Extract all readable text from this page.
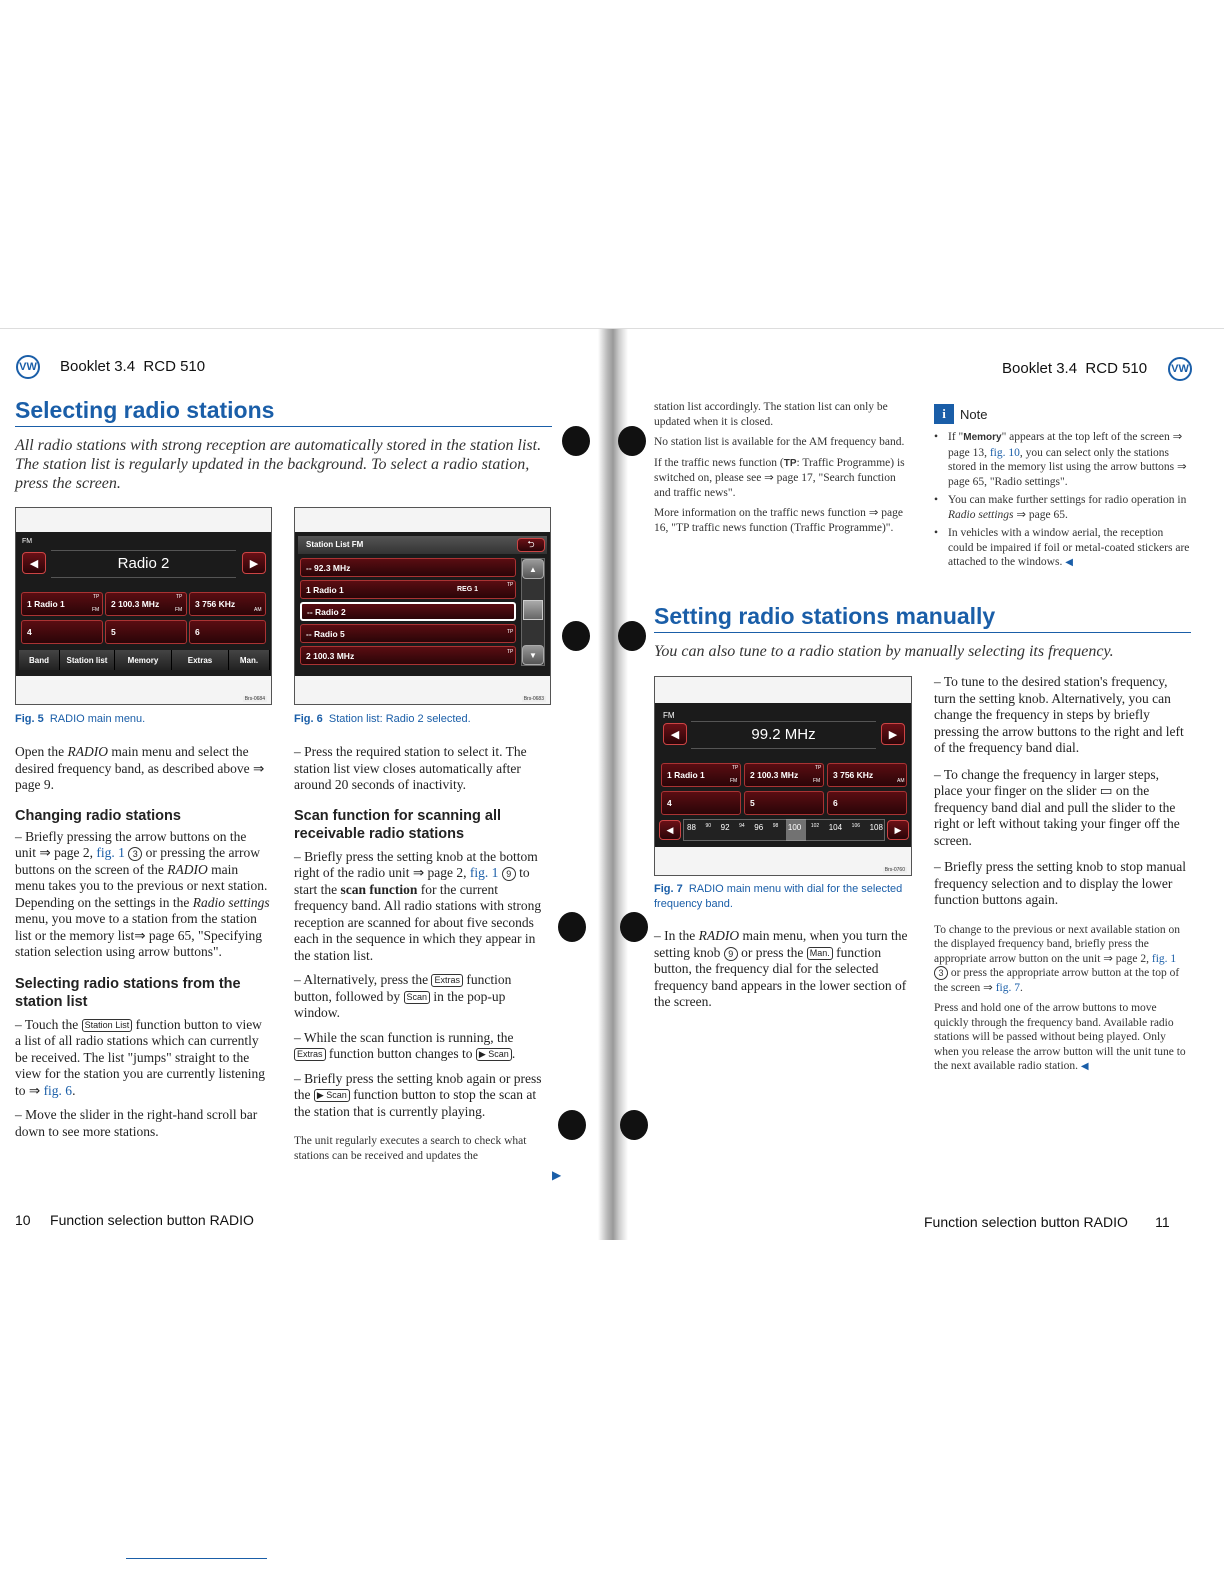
VW Booklet 3.4 RCD 510
Selecting radio stations
All radio stations with strong reception are automatically stored in the station list. The station list is regularly updated in the background. To select a radio station, press the screen.
FM
◀	Radio 2	▶
1 Radio 1	2 100.3 MHz	3 756 KHz
TP
FM
TP
FM	AM
4	5	6
Band	Station list	Memory	Extras	Man.
Brs-0684
Fig. 5 RADIO main menu.
Station List FM	⮌
-- 92.3 MHz
1 Radio 1	REG 1
TP
-- Radio 2
-- Radio 5	TP
2 100.3 MHz	TP
▲
▼
Brs-0683
Fig. 6 Station list: Radio 2 selected.

Open the RADIO main menu and select the desired frequency band, as described above ⇒ page 9.

Changing radio stations

– Briefly pressing the arrow buttons on the unit ⇒ page 2, fig. 1 3 or pressing the arrow buttons on the screen of the RADIO main menu takes you to the previous or next station. Depending on the settings in the Radio settings menu, you move to a station from the station list or the memory list⇒ page 65, "Specifying station selection using arrow buttons".

Selecting radio stations from the station list

– Touch the Station List function button to view a list of all radio stations which can currently be received. The list "jumps" straight to the view for the station you are currently listening to ⇒ fig. 6.

– Move the slider in the right-hand scroll bar down to see more stations.

– Press the required station to select it. The station list view closes automatically after around 20 seconds of inactivity.

Scan function for scanning all receivable radio stations

– Briefly press the setting knob at the bottom right of the radio unit ⇒ page 2, fig. 1 9 to start the scan function for the current frequency band. All radio stations with strong reception are scanned for about five seconds each in the sequence in which they appear in the station list.

– Alternatively, press the Extras function button, followed by Scan in the pop-up window.

– While the scan function is running, the Extras function button changes to ▶ Scan .

– Briefly press the setting knob again or press the ▶ Scan function button to stop the scan at the station that is currently playing.

The unit regularly executes a search to check what stations can be received and updates the

▶
10 Function selection button RADIO
Booklet 3.4 RCD 510 VW

station list accordingly. The station list can only be updated when it is closed.

No station list is available for the AM frequency band.

If the traffic news function (TP: Traffic Programme) is switched on, please see ⇒ page 17, "Search function and traffic news".

More information on the traffic news function ⇒ page 16, "TP traffic news function (Traffic Programme)".

i	Note

• If "Memory" appears at the top left of the screen ⇒ page 13, fig. 10, you can select only the stations stored in the memory list using the arrow buttons ⇒ page 65, "Radio settings".

• You can make further settings for radio operation in Radio settings ⇒ page 65.

• In vehicles with a window aerial, the reception could be impaired if foil or metal-coated stickers are attached to the windows. ◀

Setting radio stations manually
You can also tune to a radio station by manually selecting its frequency.
FM
◀	99.2 MHz	▶
1 Radio 1	2 100.3 MHz	3 756 KHz
TP
FM
TP
FM	AM
4	5	6
◀	88 90 92 94 96 98 100 102 104 106 108	▶
Brs-0760
Fig. 7 RADIO main menu with dial for the selected frequency band.

– In the RADIO main menu, when you turn the setting knob 9 or press the Man. function button, the frequency dial for the selected frequency band appears in the lower section of the screen.

– To tune to the desired station's frequency, turn the setting knob. Alternatively, you can change the frequency in steps by briefly pressing the arrow buttons to the right and left of the frequency band dial.

– To change the frequency in larger steps, place your finger on the slider ▭ on the frequency band dial and pull the slider to the right or left without taking your finger off the screen.

– Briefly press the setting knob to stop manual frequency selection and to display the lower function buttons again.

To change to the previous or next available station on the displayed frequency band, briefly press the appropriate arrow button on the unit ⇒ page 2, fig. 1 3 or press the appropriate arrow button at the top of the screen ⇒ fig. 7.

Press and hold one of the arrow buttons to move quickly through the frequency band. Available radio stations will be passed without being played. Only when you release the arrow button will the unit tune to the next available radio station. ◀

Function selection button RADIO 11
